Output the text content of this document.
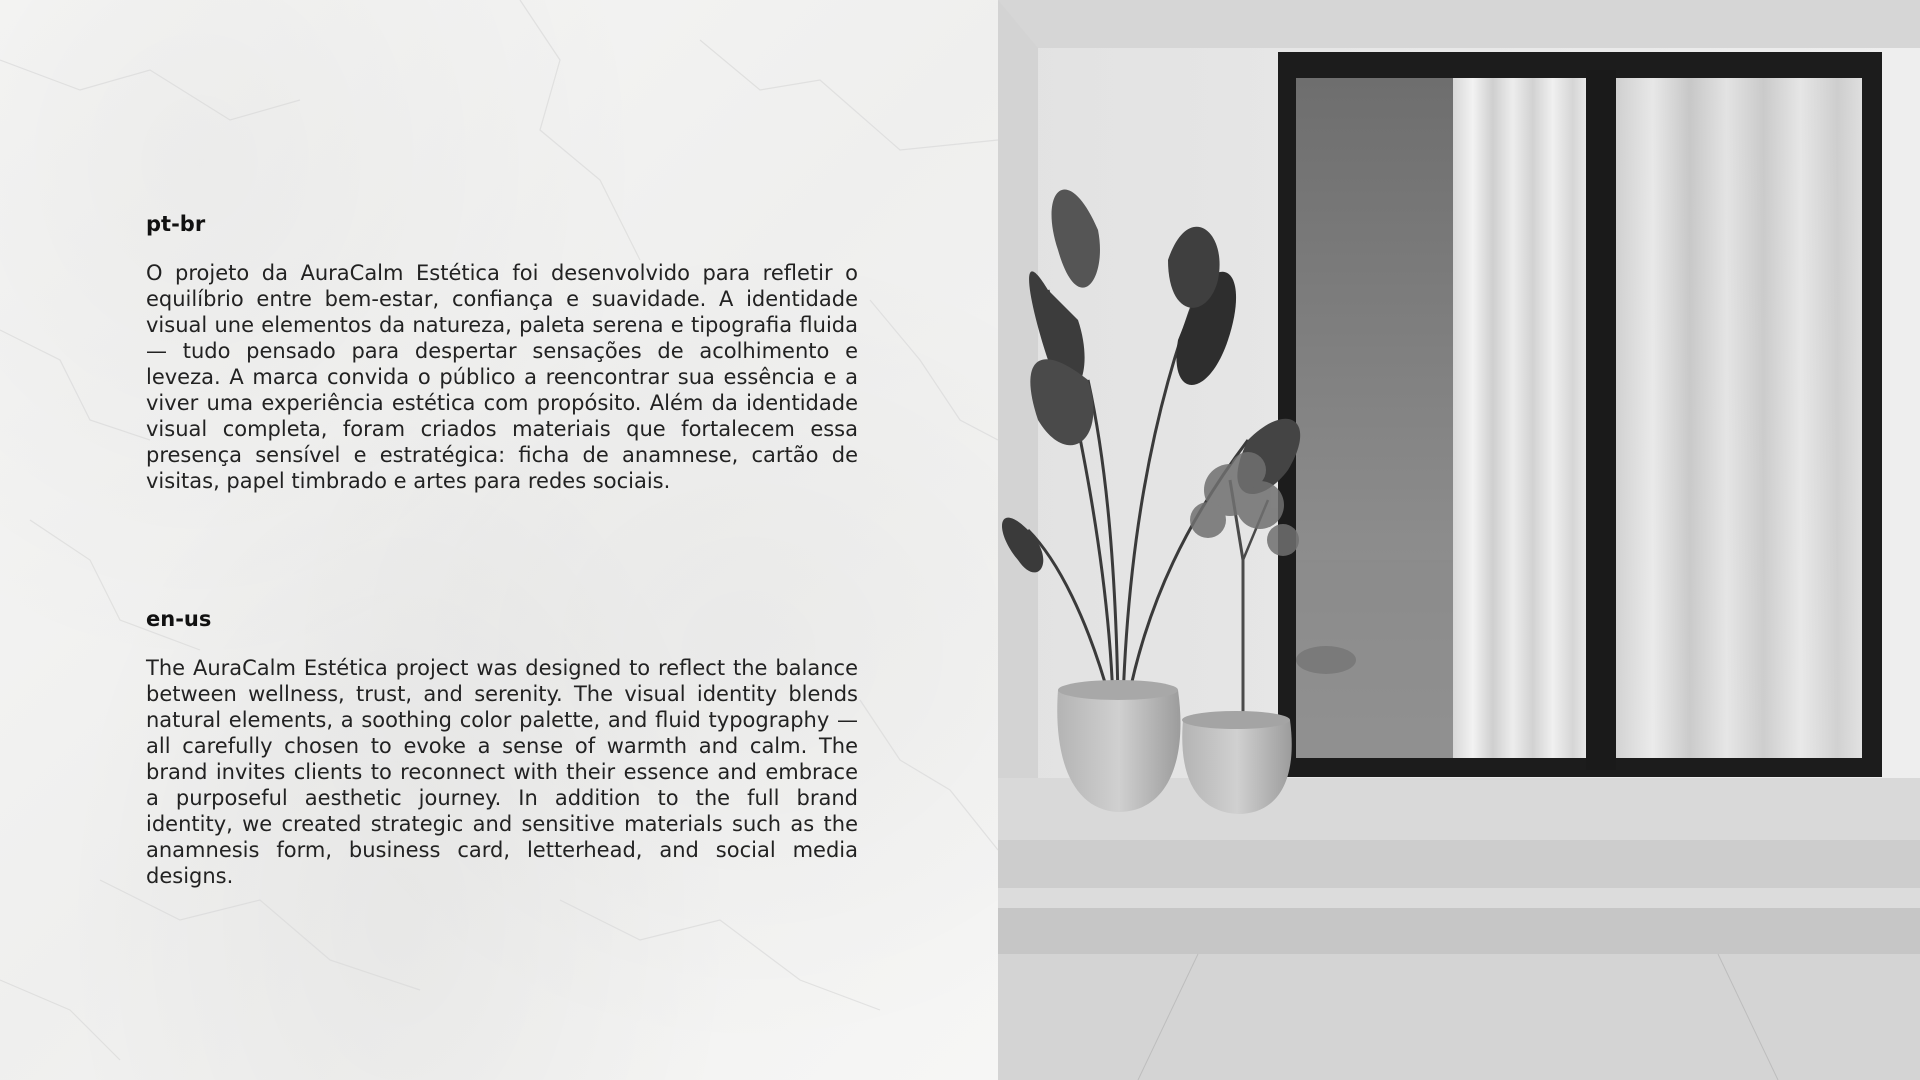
pt-br

O projeto da AuraCalm Estética foi desenvolvido para refletir o equilíbrio entre bem-estar, confiança e suavidade. A identidade visual une elementos da natureza, paleta serena e tipografia fluida — tudo pensado para despertar sensações de acolhimento e leveza. A marca convida o público a reencontrar sua essência e a viver uma experiência estética com propósito. Além da identidade visual completa, foram criados materiais que fortalecem essa presença sensível e estratégica: ficha de anamnese, cartão de visitas, papel timbrado e artes para redes sociais.

en-us

The AuraCalm Estética project was designed to reflect the balance between wellness, trust, and serenity. The visual identity blends natural elements, a soothing color palette, and fluid typography — all carefully chosen to evoke a sense of warmth and calm. The brand invites clients to reconnect with their essence and embrace a purposeful aesthetic journey. In addition to the full brand identity, we created strategic and sensitive materials such as the anamnesis form, business card, letterhead, and social media designs.
